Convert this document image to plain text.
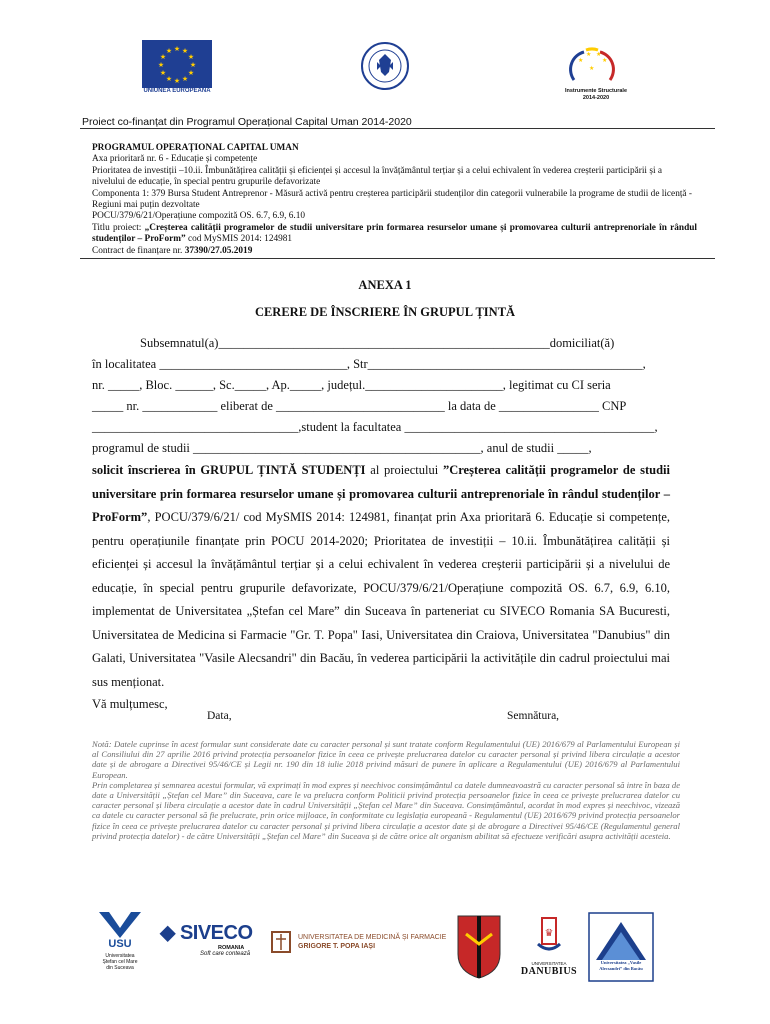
★ ★
★
★
★
★
★
★
★
★
★
★
UNIUNEA EUROPEANĂ
★
★ ★
★
★
Instrumente Structurale
2014-2020
Proiect co-finanțat din Programul Operațional Capital Uman 2014-2020

PROGRAMUL OPERAȚIONAL CAPITAL UMAN

Axa prioritară nr. 6 - Educație și competențe

Prioritatea de investiții –10.ii. Îmbunătățirea calității și eficienței și accesul la învățământul terțiar și a celui echivalent în vederea creșterii participării și a nivelului de educație, în special pentru grupurile defavorizate

Componenta 1: 379 Bursa Student Antreprenor - Măsură activă pentru creșterea participării studenților din categorii vulnerabile la programe de studii de licență - Regiuni mai puțin dezvoltate

POCU/379/6/21/Operațiune compozită OS. 6.7, 6.9, 6.10

Titlu proiect: „Creșterea calității programelor de studii universitare prin formarea resurselor umane și promovarea culturii antreprenoriale în rândul studenților – ProForm” cod MySMIS 2014: 124981

Contract de finanțare nr. 37390/27.05.2019

ANEXA 1
CERERE DE ÎNSCRIERE ÎN GRUPUL ȚINTĂ

Subsemnatul(a)_____________________________________________________domiciliat(ă)

în localitatea ______________________________, Str____________________________________________,

nr. _____, Bloc. ______, Sc._____, Ap._____, județul.______________________, legitimat cu CI seria

_____ nr. ____________ eliberat de ___________________________ la data de ________________ CNP

_________________________________,student la facultatea ________________________________________,

programul de studii ______________________________________________, anul de studii _____,

solicit înscrierea în GRUPUL ȚINTĂ STUDENȚI al proiectului ”Creșterea calității programelor de studii universitare prin formarea resurselor umane și promovarea culturii antreprenoriale în rândul studenților – ProForm”, POCU/379/6/21/ cod MySMIS 2014: 124981, finanțat prin Axa prioritară 6. Educație si competențe, pentru operațiunile finanțate prin POCU 2014-2020; Prioritatea de investiții – 10.ii. Îmbunătățirea calității și eficienței și accesul la învățământul terțiar și a celui echivalent în vederea creșterii participării și a nivelului de educație, în special pentru grupurile defavorizate, POCU/379/6/21/Operațiune compozită OS. 6.7, 6.9, 6.10, implementat de Universitatea „Ștefan cel Mare” din Suceava în parteneriat cu SIVECO Romania SA Bucuresti, Universitatea de Medicina si Farmacie "Gr. T. Popa" Iasi, Universitatea din Craiova, Universitatea "Danubius" din Galati, Universitatea "Vasile Alecsandri" din Bacău, în vederea participării la activitățile din cadrul proiectului mai sus menționat.

Vă mulțumesc,

Data,	Semnătura,

Notă: Datele cuprinse în acest formular sunt considerate date cu caracter personal și sunt tratate conform Regulamentului (UE) 2016/679 al Parlamentului European și al Consiliului din 27 aprilie 2016 privind protecția persoanelor fizice în ceea ce privește prelucrarea datelor cu caracter personal și privind libera circulație a acestor date și de abrogare a Directivei 95/46/CE și Legii nr. 190 din 18 iulie 2018 privind măsuri de punere în aplicare a Regulamentului (UE) 2016/679 al Parlamentului European.

Prin completarea și semnarea acestui formular, vă exprimați în mod expres și neechivoc consimțământul ca datele dumneavoastră cu caracter personal să intre în baza de date a Universității „Ștefan cel Mare” din Suceava, care le va prelucra conform Politicii privind protecția persoanelor fizice în ceea ce privește prelucrarea datelor cu caracter personal și libera circulație a acestor date în cadrul Universității „Ștefan cel Mare” din Suceava. Consimțământul, acordat în mod expres și neechivoc, vizează ca datele cu caracter personal să fie prelucrate, prin orice mijloace, în conformitate cu legislația europeană - Regulamentul (UE) 2016/679 privind protecția persoanelor fizice în ceea ce privește prelucrarea datelor cu caracter personal și privind libera circulație a acestor date și de abrogare a Directivei 95/46/CE (Regulamentul general privind protecția datelor) - de către Universității „Ștefan cel Mare” din Suceava și de către orice alt organism abilitat să efectueze verificări asupra activității acesteia.

USU
Universitatea
Ștefan cel Mare
din Suceava
◆ SIVECO
ROMANIA
Soft care contează
UNIVERSITATEA DE MEDICINĂ ȘI FARMACIE
GRIGORE T. POPA IAȘI
♛
UNIVERSITATEA
DANUBIUS
Universitatea „Vasile Alecsandri” din Bacău
